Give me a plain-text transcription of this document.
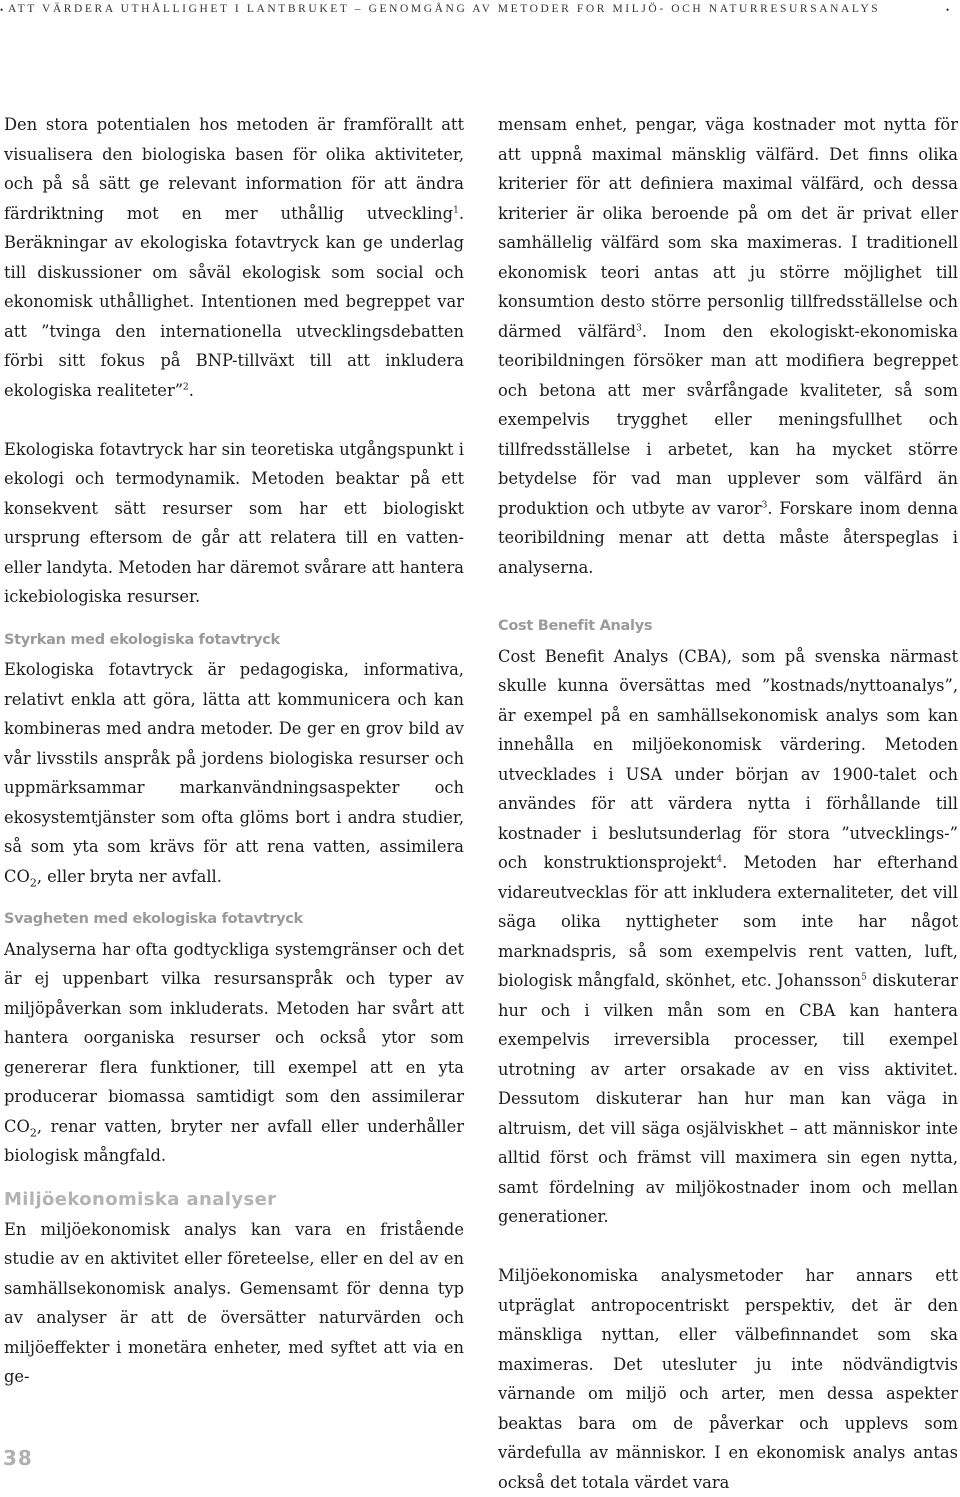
• ATT VÄRDERA UTHÅLLIGHET I LANTBRUKET – GENOMGÅNG AV METODER FOR MILJÖ- OCH NATURRESURSANALYS	•

Den stora potentialen hos metoden är framförallt att visualisera den biologiska basen för olika aktiviteter, och på så sätt ge relevant information för att ändra färdriktning mot en mer uthållig utveckling$^1$. Beräkningar av ekologiska fotavtryck kan ge underlag till diskussioner om såväl ekologisk som social och ekonomisk uthållighet. Intentionen med begreppet var att ”tvinga den internationella utvecklingsdebatten förbi sitt fokus på BNP-tillväxt till att inkludera ekologiska realiteter”$^2$.

Ekologiska fotavtryck har sin teoretiska utgångspunkt i ekologi och termodynamik. Metoden beaktar på ett konsekvent sätt resurser som har ett biologiskt ursprung eftersom de går att relatera till en vatten- eller landyta. Metoden har däremot svårare att hantera ickebiologiska resurser.

Styrkan med ekologiska fotavtryck

Ekologiska fotavtryck är pedagogiska, informativa, relativt enkla att göra, lätta att kommunicera och kan kombineras med andra metoder. De ger en grov bild av vår livsstils anspråk på jordens biologiska resurser och uppmärksammar markanvändningsaspekter och ekosystemtjänster som ofta glöms bort i andra studier, så som yta som krävs för att rena vatten, assimilera $CO_2$, eller bryta ner avfall.

Svagheten med ekologiska fotavtryck

Analyserna har ofta godtyckliga systemgränser och det är ej uppenbart vilka resursanspråk och typer av miljöpåverkan som inkluderats. Metoden har svårt att hantera oorganiska resurser och också ytor som genererar flera funktioner, till exempel att en yta producerar biomassa samtidigt som den assimilerar $CO_2$, renar vatten, bryter ner avfall eller underhåller biologisk mångfald.

Miljöekonomiska analyser

En miljöekonomisk analys kan vara en fristående studie av en aktivitet eller företeelse, eller en del av en samhällsekonomisk analys. Gemensamt för denna typ av analyser är att de översätter naturvärden och miljöeffekter i monetära enheter, med syftet att via en ge-

mensam enhet, pengar, väga kostnader mot nytta för att uppnå maximal mänsklig välfärd. Det finns olika kriterier för att definiera maximal välfärd, och dessa kriterier är olika beroende på om det är privat eller samhällelig välfärd som ska maximeras. I traditionell ekonomisk teori antas att ju större möjlighet till konsumtion desto större personlig tillfredsställelse och därmed välfärd$^3$. Inom den ekologiskt-ekonomiska teoribildningen försöker man att modifiera begreppet och betona att mer svårfångade kvaliteter, så som exempelvis trygghet eller meningsfullhet och tillfredsställelse i arbetet, kan ha mycket större betydelse för vad man upplever som välfärd än produktion och utbyte av varor$^3$. Forskare inom denna teoribildning menar att detta måste återspeglas i analyserna.

Cost Benefit Analys

Cost Benefit Analys (CBA), som på svenska närmast skulle kunna översättas med ”kostnads/nyttoanalys”, är exempel på en samhällsekonomisk analys som kan innehålla en miljöekonomisk värdering. Metoden utvecklades i USA under början av 1900-talet och användes för att värdera nytta i förhållande till kostnader i beslutsunderlag för stora ”utvecklings-” och konstruktionsprojekt$^4$. Metoden har efterhand vidareutvecklas för att inkludera externaliteter, det vill säga olika nyttigheter som inte har något marknadspris, så som exempelvis rent vatten, luft, biologisk mångfald, skönhet, etc. Johansson$^5$ diskuterar hur och i vilken mån som en CBA kan hantera exempelvis irreversibla processer, till exempel utrotning av arter orsakade av en viss aktivitet. Dessutom diskuterar han hur man kan väga in altruism, det vill säga osjälviskhet – att människor inte alltid först och främst vill maximera sin egen nytta, samt fördelning av miljökostnader inom och mellan generationer.

Miljöekonomiska analysmetoder har annars ett utpräglat antropocentriskt perspektiv, det är den mänskliga nyttan, eller välbefinnandet som ska maximeras. Det utesluter ju inte nödvändigtvis värnande om miljö och arter, men dessa aspekter beaktas bara om de påverkar och upplevs som värdefulla av människor. I en ekonomisk analys antas också det totala värdet vara

38
